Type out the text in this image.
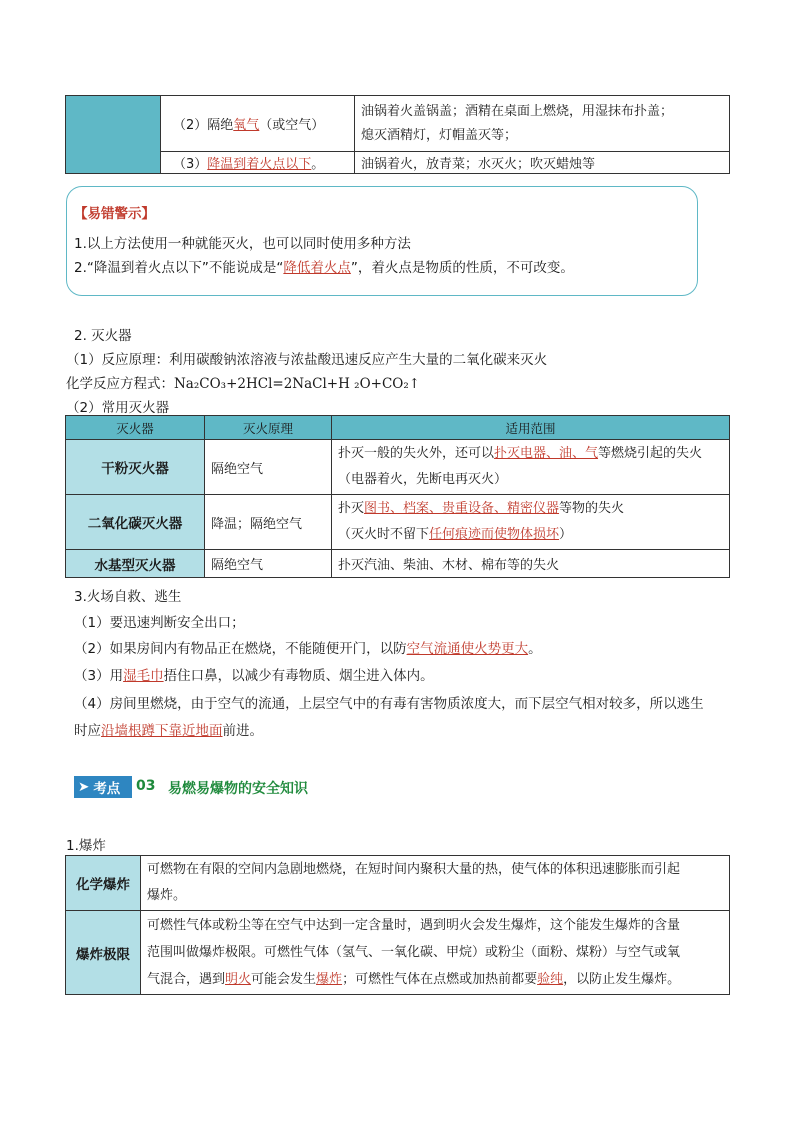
	（2）隔绝氧气（或空气）	油锅着火盖锅盖；酒精在桌面上燃烧，用湿抹布扑盖；
熄灭酒精灯，灯帽盖灭等；

	（3）降温到着火点以下。	油锅着火，放青菜；水灭火；吹灭蜡烛等
【易错警示】
1.以上方法使用一种就能灭火，也可以同时使用多种方法
2.“降温到着火点以下”不能说成是“降低着火点”，着火点是物质的性质，不可改变。
2. 灭火器
（1）反应原理：利用碳酸钠浓溶液与浓盐酸迅速反应产生大量的二氧化碳来灭火
化学反应方程式：Na₂CO₃+2HCl=2NaCl+H ₂O+CO₂↑
（2）常用灭火器
灭火器	灭火原理	适用范围
干粉灭火器	隔绝空气	扑灭一般的失火外，还可以扑灭电器、油、气等燃烧引起的失火
（电器着火，先断电再灭火）

二氧化碳灭火器	降温；隔绝空气	扑灭图书、档案、贵重设备、精密仪器等物的失火
（灭火时不留下任何痕迹而使物体损坏）

水基型灭火器	隔绝空气	扑灭汽油、柴油、木材、棉布等的失火
3.火场自救、逃生
（1）要迅速判断安全出口；
（2）如果房间内有物品正在燃烧，不能随便开门，以防空气流通使火势更大。
（3）用湿毛巾捂住口鼻，以减少有毒物质、烟尘进入体内。
（4）房间里燃烧，由于空气的流通，上层空气中的有毒有害物质浓度大，而下层空气相对较多，所以逃生
时应沿墙根蹲下靠近地面前进。
➤ 考点 03 易燃易爆物的安全知识
1.爆炸
化学爆炸	可燃物在有限的空间内急剧地燃烧，在短时间内聚积大量的热，使气体的体积迅速膨胀而引起
爆炸。

爆炸极限	可燃性气体或粉尘等在空气中达到一定含量时，遇到明火会发生爆炸，这个能发生爆炸的含量
范围叫做爆炸极限。可燃性气体（氢气、一氧化碳、甲烷）或粉尘（面粉、煤粉）与空气或氧
气混合，遇到明火可能会发生爆炸；可燃性气体在点燃或加热前都要验纯，以防止发生爆炸。
